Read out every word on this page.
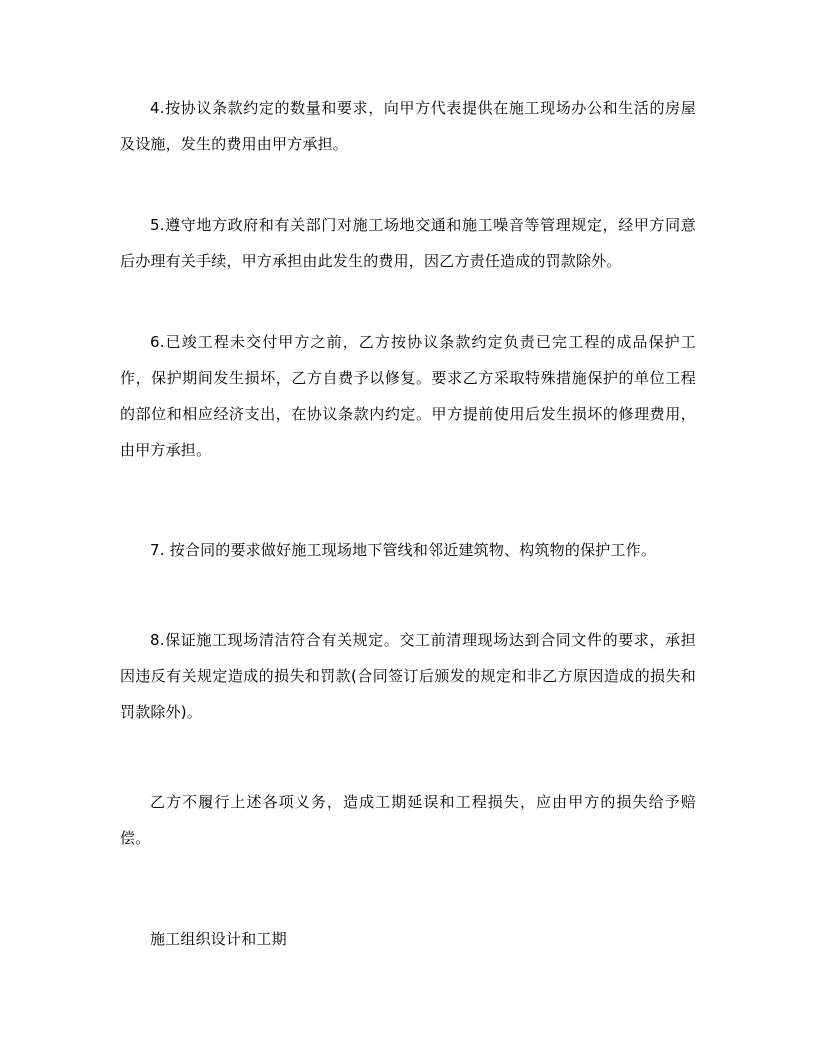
4.按协议条款约定的数量和要求，向甲方代表提供在施工现场办公和生活的房屋及设施，发生的费用由甲方承担。

5.遵守地方政府和有关部门对施工场地交通和施工噪音等管理规定，经甲方同意后办理有关手续，甲方承担由此发生的费用，因乙方责任造成的罚款除外。

6.已竣工程未交付甲方之前，乙方按协议条款约定负责已完工程的成品保护工作，保护期间发生损坏，乙方自费予以修复。要求乙方采取特殊措施保护的单位工程的部位和相应经济支出，在协议条款内约定。甲方提前使用后发生损坏的修理费用，由甲方承担。

7. 按合同的要求做好施工现场地下管线和邻近建筑物、构筑物的保护工作。

8.保证施工现场清洁符合有关规定。交工前清理现场达到合同文件的要求，承担因违反有关规定造成的损失和罚款(合同签订后颁发的规定和非乙方原因造成的损失和罚款除外)。

乙方不履行上述各项义务，造成工期延误和工程损失，应由甲方的损失给予赔偿。

施工组织设计和工期
